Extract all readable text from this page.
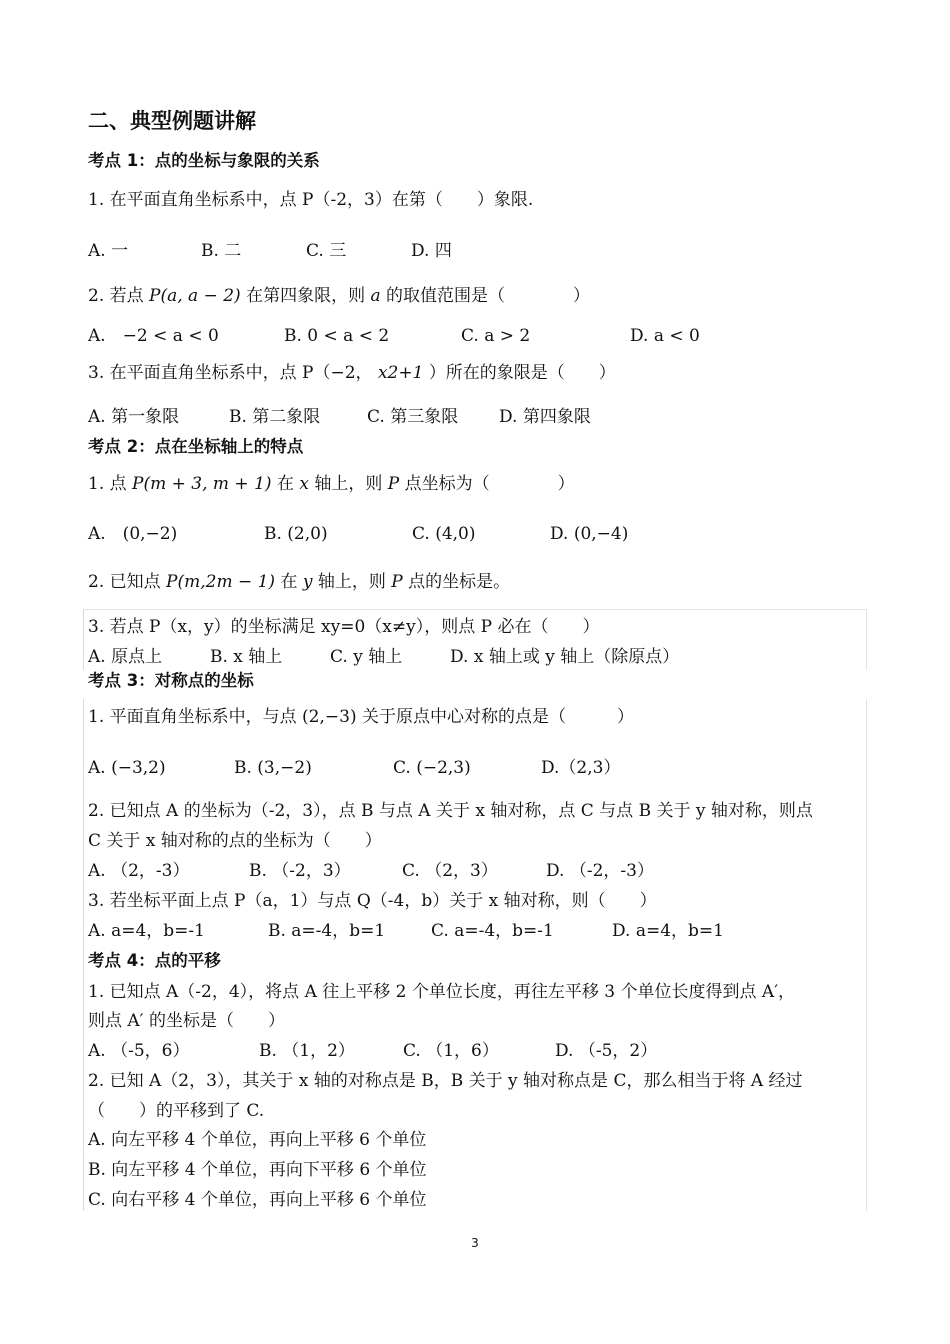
二、典型例题讲解
考点 1：点的坐标与象限的关系
1. 在平面直角坐标系中，点 P（-2，3）在第（　　）象限.
A. 一	B. 二	C. 三	D. 四
2. 若点 P(a, a − 2) 在第四象限，则 a 的取值范围是（　　　　）
A.　−2 < a < 0	B. 0 < a < 2	C. a > 2	D. a < 0
3. 在平面直角坐标系中，点 P（−2， x2+1 ）所在的象限是（　　）
A. 第一象限	B. 第二象限	C. 第三象限 D. 第四象限
考点 2：点在坐标轴上的特点
1. 点 P(m + 3, m + 1) 在 x 轴上，则 P 点坐标为（　　　　）
A.　(0,−2)	B. (2,0)	C. (4,0)	D. (0,−4)
2. 已知点 P(m,2m − 1) 在 y 轴上，则 P 点的坐标是。
3. 若点 P（x，y）的坐标满足 xy=0（x≠y），则点 P 必在（　　）
A. 原点上	B. x 轴上	C. y 轴上	D. x 轴上或 y 轴上（除原点）
考点 3：对称点的坐标
1. 平面直角坐标系中，与点 (2,−3) 关于原点中心对称的点是（　　　）
A. (−3,2)	B. (3,−2)	C. (−2,3)	D.（2,3）
2. 已知点 A 的坐标为（-2，3），点 B 与点 A 关于 x 轴对称，点 C 与点 B 关于 y 轴对称，则点
C 关于 x 轴对称的点的坐标为（　　）
A. （2，-3）	B. （-2，3）	C. （2，3）	D. （-2，-3）
3. 若坐标平面上点 P（a，1）与点 Q（-4，b）关于 x 轴对称，则（　　）
A. a=4，b=-1	B. a=-4，b=1	C. a=-4，b=-1	D. a=4，b=1
考点 4：点的平移
1. 已知点 A（-2，4），将点 A 往上平移 2 个单位长度，再往左平移 3 个单位长度得到点 A′，
则点 A′ 的坐标是（　　）
A. （-5，6）	B. （1，2）	C. （1，6）	D. （-5，2）
2. 已知 A（2，3），其关于 x 轴的对称点是 B，B 关于 y 轴对称点是 C，那么相当于将 A 经过
（　　）的平移到了 C.
A. 向左平移 4 个单位，再向上平移 6 个单位
B. 向左平移 4 个单位，再向下平移 6 个单位
C. 向右平移 4 个单位，再向上平移 6 个单位
3
